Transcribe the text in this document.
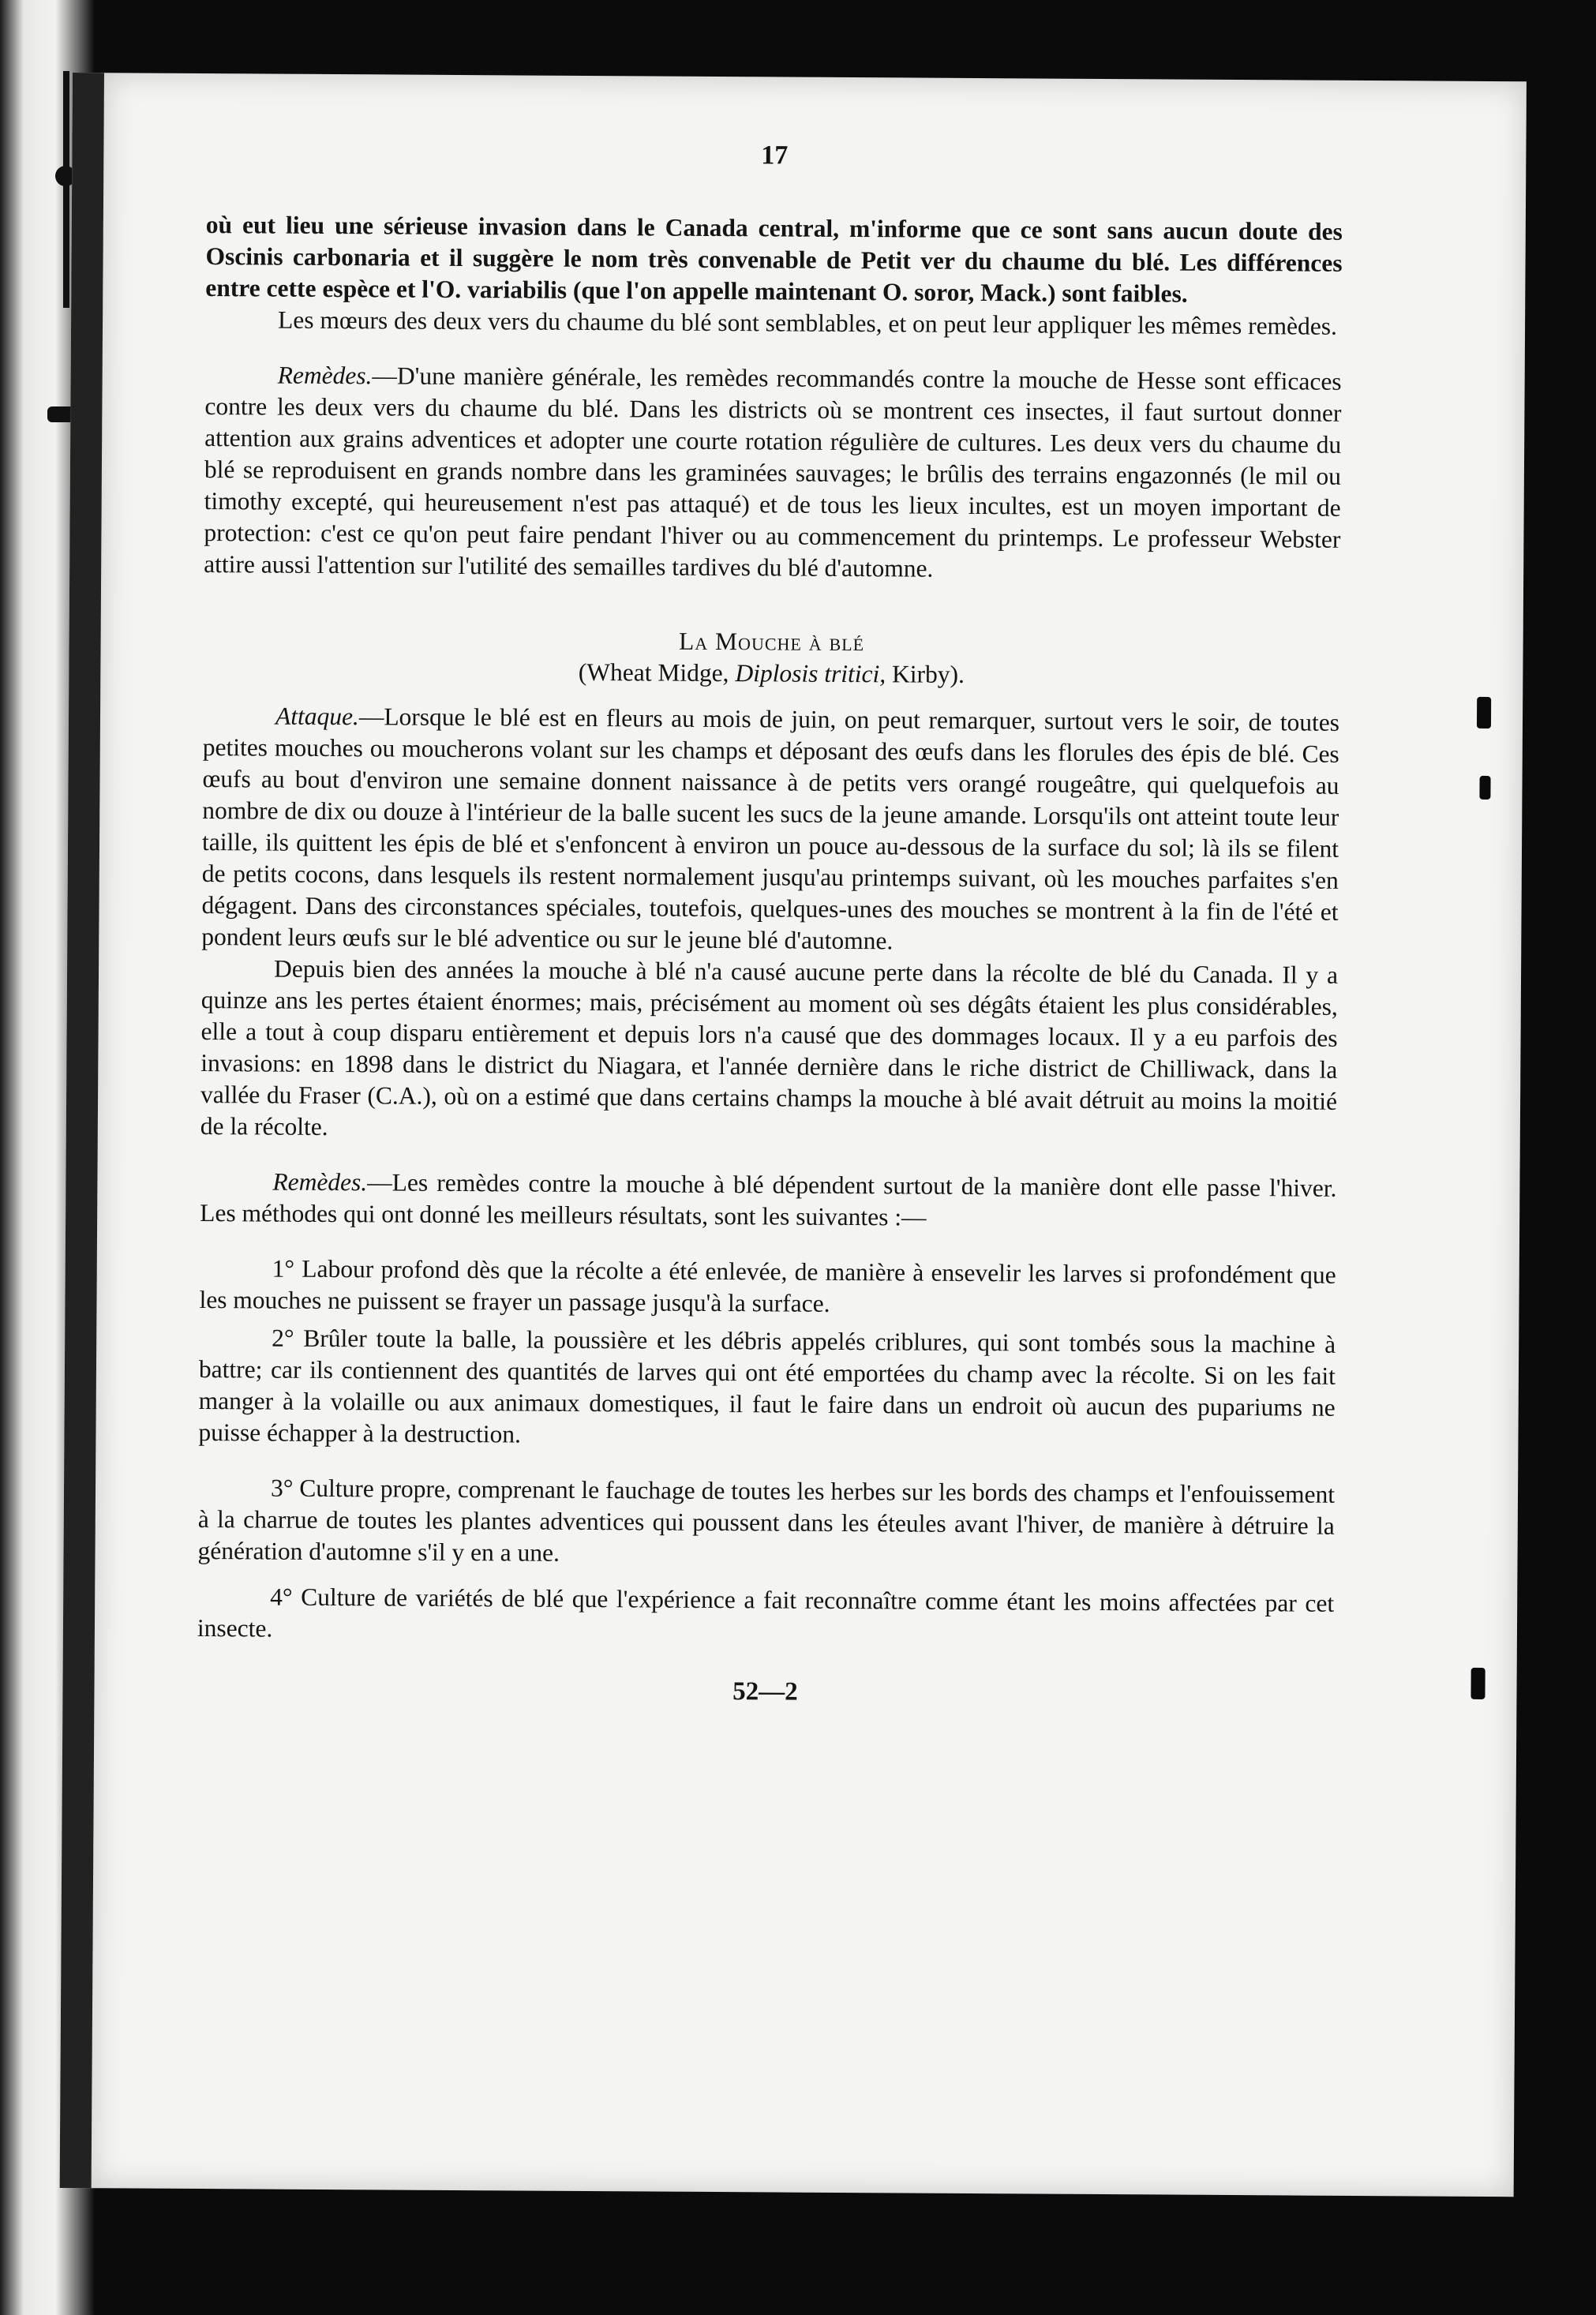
17

où eut lieu une sérieuse invasion dans le Canada central, m'informe que ce sont sans aucun doute des Oscinis carbonaria et il suggère le nom très convenable de Petit ver du chaume du blé. Les différences entre cette espèce et l'O. variabilis (que l'on appelle maintenant O. soror, Mack.) sont faibles.

Les mœurs des deux vers du chaume du blé sont semblables, et on peut leur appliquer les mêmes remèdes.

Remèdes.—D'une manière générale, les remèdes recommandés contre la mouche de Hesse sont efficaces contre les deux vers du chaume du blé. Dans les districts où se montrent ces insectes, il faut surtout donner attention aux grains adventices et adopter une courte rotation régulière de cultures. Les deux vers du chaume du blé se reproduisent en grands nombre dans les graminées sauvages; le brûlis des terrains engazonnés (le mil ou timothy excepté, qui heureusement n'est pas attaqué) et de tous les lieux incultes, est un moyen important de protection: c'est ce qu'on peut faire pendant l'hiver ou au commencement du printemps. Le professeur Webster attire aussi l'attention sur l'utilité des semailles tardives du blé d'automne.

La Mouche à blé
(Wheat Midge, Diplosis tritici, Kirby).

Attaque.—Lorsque le blé est en fleurs au mois de juin, on peut remarquer, surtout vers le soir, de toutes petites mouches ou moucherons volant sur les champs et déposant des œufs dans les florules des épis de blé. Ces œufs au bout d'environ une semaine donnent naissance à de petits vers orangé rougeâtre, qui quelquefois au nombre de dix ou douze à l'intérieur de la balle sucent les sucs de la jeune amande. Lorsqu'ils ont atteint toute leur taille, ils quittent les épis de blé et s'enfoncent à environ un pouce au-dessous de la surface du sol; là ils se filent de petits cocons, dans lesquels ils restent normalement jusqu'au printemps suivant, où les mouches parfaites s'en dégagent. Dans des circonstances spéciales, toutefois, quelques-unes des mouches se montrent à la fin de l'été et pondent leurs œufs sur le blé adventice ou sur le jeune blé d'automne.

Depuis bien des années la mouche à blé n'a causé aucune perte dans la récolte de blé du Canada. Il y a quinze ans les pertes étaient énormes; mais, précisément au moment où ses dégâts étaient les plus considérables, elle a tout à coup disparu entièrement et depuis lors n'a causé que des dommages locaux. Il y a eu parfois des invasions: en 1898 dans le district du Niagara, et l'année dernière dans le riche district de Chilliwack, dans la vallée du Fraser (C.A.), où on a estimé que dans certains champs la mouche à blé avait détruit au moins la moitié de la récolte.

Remèdes.—Les remèdes contre la mouche à blé dépendent surtout de la manière dont elle passe l'hiver. Les méthodes qui ont donné les meilleurs résultats, sont les suivantes :—

1° Labour profond dès que la récolte a été enlevée, de manière à ensevelir les larves si profondément que les mouches ne puissent se frayer un passage jusqu'à la surface.

2° Brûler toute la balle, la poussière et les débris appelés criblures, qui sont tombés sous la machine à battre; car ils contiennent des quantités de larves qui ont été emportées du champ avec la récolte. Si on les fait manger à la volaille ou aux animaux domestiques, il faut le faire dans un endroit où aucun des pupariums ne puisse échapper à la destruction.

3° Culture propre, comprenant le fauchage de toutes les herbes sur les bords des champs et l'enfouissement à la charrue de toutes les plantes adventices qui poussent dans les éteules avant l'hiver, de manière à détruire la génération d'automne s'il y en a une.

4° Culture de variétés de blé que l'expérience a fait reconnaître comme étant les moins affectées par cet insecte.

52—2
